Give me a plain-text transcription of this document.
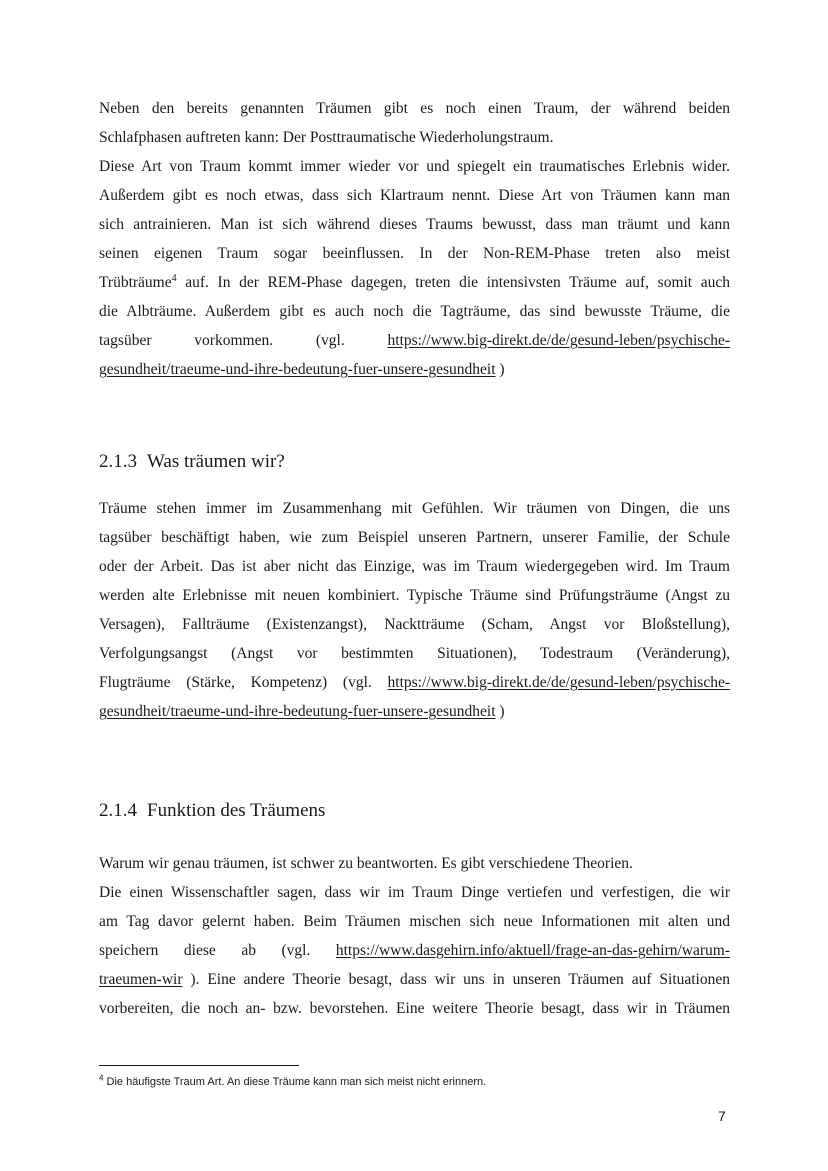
Neben den bereits genannten Träumen gibt es noch einen Traum, der während beiden
Schlafphasen auftreten kann: Der Posttraumatische Wiederholungstraum.
Diese Art von Traum kommt immer wieder vor und spiegelt ein traumatisches Erlebnis wider.
Außerdem gibt es noch etwas, dass sich Klartraum nennt. Diese Art von Träumen kann man
sich antrainieren. Man ist sich während dieses Traums bewusst, dass man träumt und kann
seinen eigenen Traum sogar beeinflussen. In der Non-REM-Phase treten also meist
Trübträume$^4$ auf. In der REM-Phase dagegen, treten die intensivsten Träume auf, somit auch
die Albträume. Außerdem gibt es auch noch die Tagträume, das sind bewusste Träume, die
tagsüber vorkommen. (vgl.	https://www.big-direkt.de/de/gesund-leben/psychische-
gesundheit/traeume-und-ihre-bedeutung-fuer-unsere-gesundheit )
2.1.3 Was träumen wir?
Träume stehen immer im Zusammenhang mit Gefühlen. Wir träumen von Dingen, die uns
tagsüber beschäftigt haben, wie zum Beispiel unseren Partnern, unserer Familie, der Schule
oder der Arbeit. Das ist aber nicht das Einzige, was im Traum wiedergegeben wird. Im Traum
werden alte Erlebnisse mit neuen kombiniert. Typische Träume sind Prüfungsträume (Angst zu
Versagen), Fallträume (Existenzangst), Nacktträume (Scham, Angst vor Bloßstellung),
Verfolgungsangst (Angst vor bestimmten Situationen), Todestraum (Veränderung),
Flugträume (Stärke, Kompetenz) (vgl. https://www.big-direkt.de/de/gesund-leben/psychische-
gesundheit/traeume-und-ihre-bedeutung-fuer-unsere-gesundheit )
2.1.4 Funktion des Träumens
Warum wir genau träumen, ist schwer zu beantworten. Es gibt verschiedene Theorien.
Die einen Wissenschaftler sagen, dass wir im Traum Dinge vertiefen und verfestigen, die wir
am Tag davor gelernt haben. Beim Träumen mischen sich neue Informationen mit alten und
speichern diese ab (vgl. https://www.dasgehirn.info/aktuell/frage-an-das-gehirn/warum-
traeumen-wir ). Eine andere Theorie besagt, dass wir uns in unseren Träumen auf Situationen
vorbereiten, die noch an- bzw. bevorstehen. Eine weitere Theorie besagt, dass wir in Träumen
$^4$ Die häufigste Traum Art. An diese Träume kann man sich meist nicht erinnern.
7
